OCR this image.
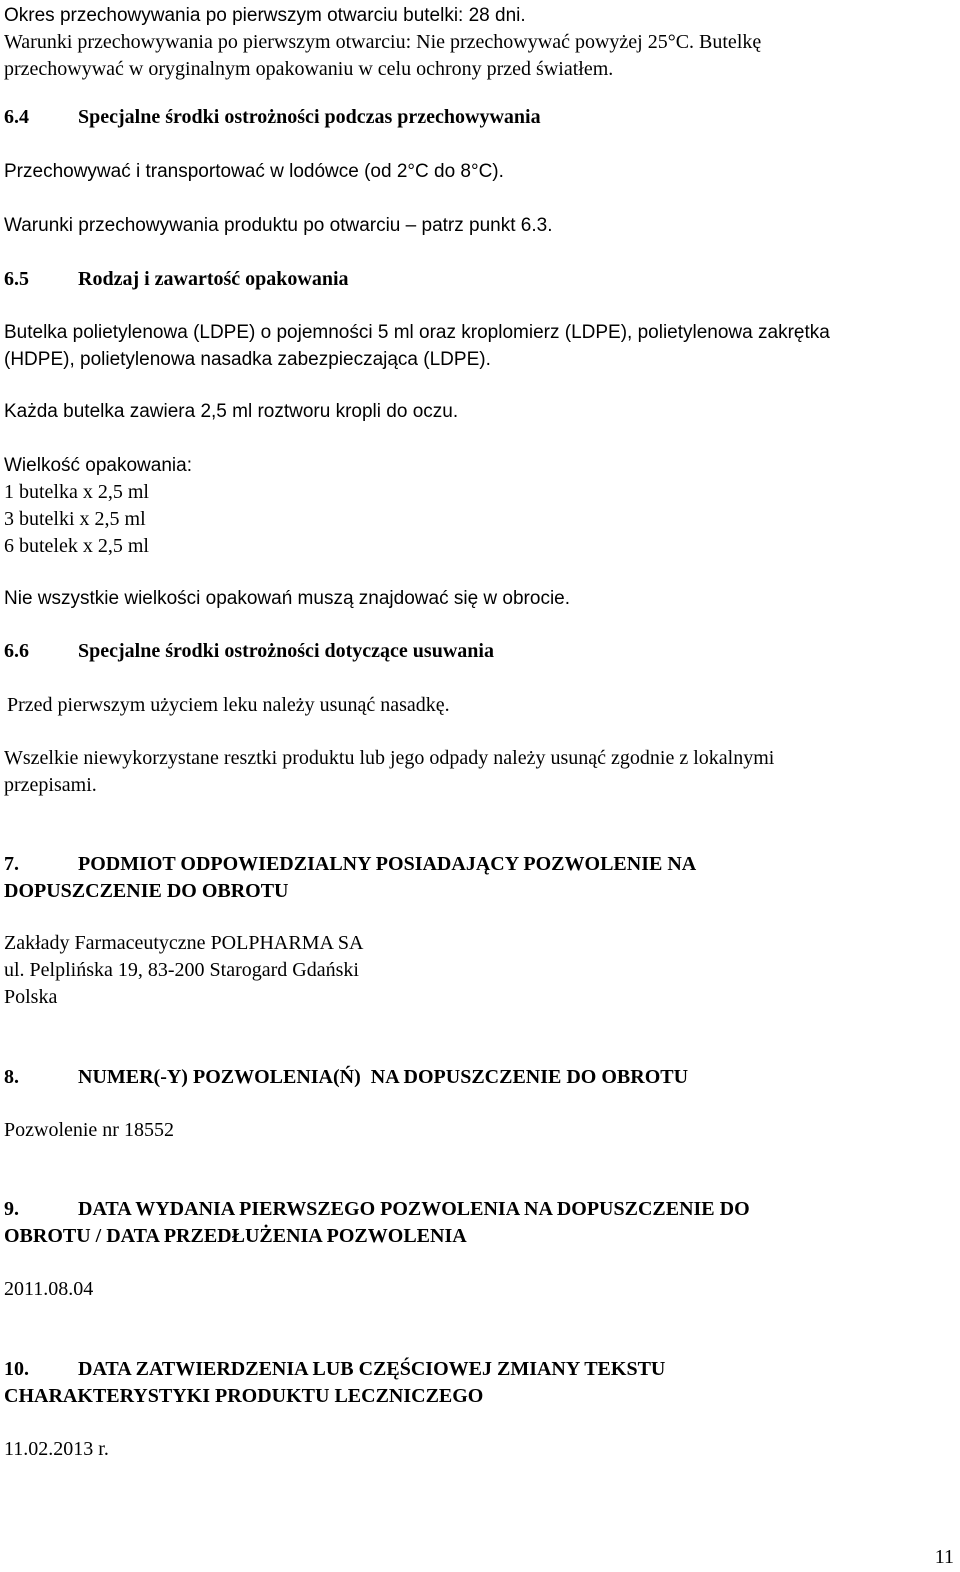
Okres przechowywania po pierwszym otwarciu butelki: 28 dni.
Warunki przechowywania po pierwszym otwarciu: Nie przechowywać powyżej 25°C. Butelkę
przechowywać w oryginalnym opakowaniu w celu ochrony przed światłem.
6.4 Specjalne środki ostrożności podczas przechowywania
Przechowywać i transportować w lodówce (od 2°C do 8°C).
Warunki przechowywania produktu po otwarciu – patrz punkt 6.3.
6.5 Rodzaj i zawartość opakowania
Butelka polietylenowa (LDPE) o pojemności 5 ml oraz kroplomierz (LDPE), polietylenowa zakrętka
(HDPE), polietylenowa nasadka zabezpieczająca (LDPE).
Każda butelka zawiera 2,5 ml roztworu kropli do oczu.
Wielkość opakowania:
1 butelka x 2,5 ml
3 butelki x 2,5 ml
6 butelek x 2,5 ml
Nie wszystkie wielkości opakowań muszą znajdować się w obrocie.
6.6 Specjalne środki ostrożności dotyczące usuwania
Przed pierwszym użyciem leku należy usunąć nasadkę.
Wszelkie niewykorzystane resztki produktu lub jego odpady należy usunąć zgodnie z lokalnymi
przepisami.
7.	PODMIOT ODPOWIEDZIALNY POSIADAJĄCY POZWOLENIE NA
DOPUSZCZENIE DO OBROTU
Zakłady Farmaceutyczne POLPHARMA SA
ul. Pelplińska 19, 83-200 Starogard Gdański
Polska
8.	NUMER(-Y) POZWOLENIA(Ń)  NA DOPUSZCZENIE DO OBROTU
Pozwolenie nr 18552
9.	DATA WYDANIA PIERWSZEGO POZWOLENIA NA DOPUSZCZENIE DO
OBROTU / DATA PRZEDŁUŻENIA POZWOLENIA
2011.08.04
10. DATA ZATWIERDZENIA LUB CZĘŚCIOWEJ ZMIANY TEKSTU
CHARAKTERYSTYKI PRODUKTU LECZNICZEGO
11.02.2013 r.
11
